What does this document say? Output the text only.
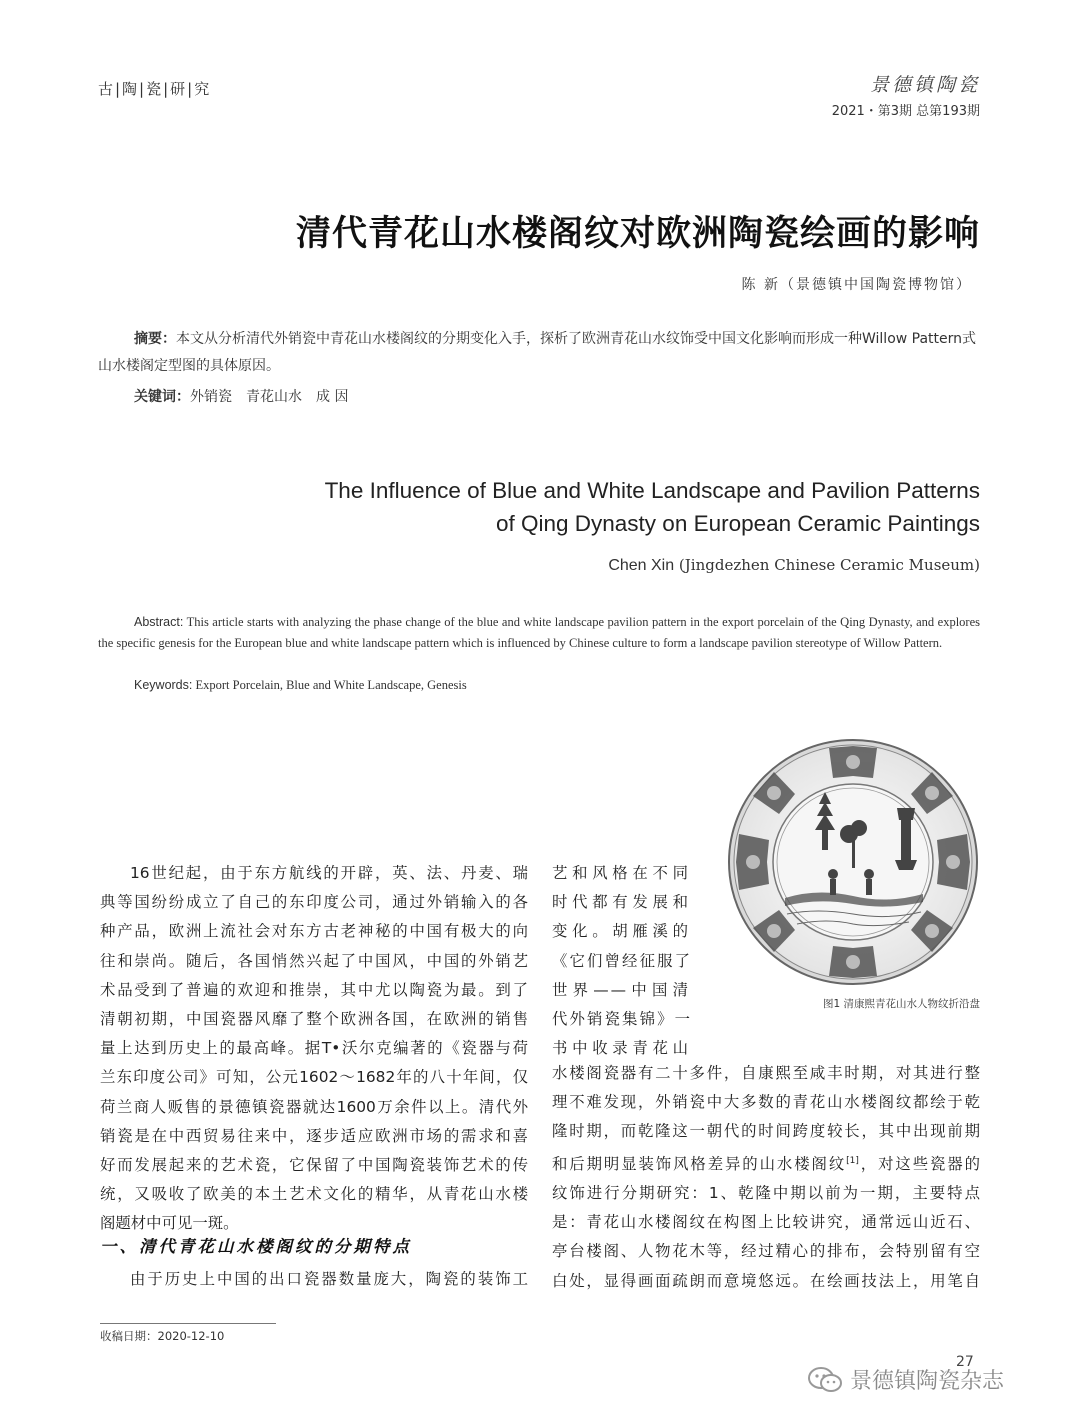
古|陶|瓷|研|究	景德镇陶瓷
2021・第3期 总第193期
清代青花山水楼阁纹对欧洲陶瓷绘画的影响
陈 新（景德镇中国陶瓷博物馆）
摘要：本文从分析清代外销瓷中青花山水楼阁纹的分期变化入手，探析了欧洲青花山水纹饰受中国文化影响而形成一种Willow Pattern式山水楼阁定型图的具体原因。
关键词：外销瓷 青花山水 成 因
The Influence of Blue and White Landscape and Pavilion Patterns
of Qing Dynasty on European Ceramic Paintings
Chen Xin (Jingdezhen Chinese Ceramic Museum)
Abstract: This article starts with analyzing the phase change of the blue and white landscape pavilion pattern in the export porcelain of the Qing Dynasty, and explores the specific genesis for the European blue and white landscape pattern which is influenced by Chinese culture to form a landscape pavilion stereotype of Willow Pattern.
Keywords: Export Porcelain, Blue and White Landscape, Genesis
图1 清康熙青花山水人物纹折沿盘

16世纪起，由于东方航线的开辟，英、法、丹麦、瑞

典等国纷纷成立了自己的东印度公司，通过外销输入的各

种产品，欧洲上流社会对东方古老神秘的中国有极大的向

往和崇尚。随后，各国悄然兴起了中国风，中国的外销艺

术品受到了普遍的欢迎和推崇，其中尤以陶瓷为最。到了

清朝初期，中国瓷器风靡了整个欧洲各国，在欧洲的销售

量上达到历史上的最高峰。据T•沃尔克编著的《瓷器与荷

兰东印度公司》可知，公元1602～1682年的八十年间，仅

荷兰商人贩售的景德镇瓷器就达1600万余件以上。清代外

销瓷是在中西贸易往来中，逐步适应欧洲市场的需求和喜

好而发展起来的艺术瓷，它保留了中国陶瓷装饰艺术的传

统，又吸收了欧美的本土艺术文化的精华，从青花山水楼

阁题材中可见一斑。

一、清代青花山水楼阁纹的分期特点

由于历史上中国的出口瓷器数量庞大，陶瓷的装饰工

艺和风格在不同

时代都有发展和

变化。胡雁溪的

《它们曾经征服了

世界——中国清

代外销瓷集锦》一

书中收录青花山

水楼阁瓷器有二十多件，自康熙至咸丰时期，对其进行整

理不难发现，外销瓷中大多数的青花山水楼阁纹都绘于乾

隆时期，而乾隆这一朝代的时间跨度较长，其中出现前期

和后期明显装饰风格差异的山水楼阁纹[1]，对这些瓷器的

纹饰进行分期研究：1、乾隆中期以前为一期，主要特点

是：青花山水楼阁纹在构图上比较讲究，通常远山近石、

亭台楼阁、人物花木等，经过精心的排布，会特别留有空

白处，显得画面疏朗而意境悠远。在绘画技法上，用笔自

收稿日期：2020-12-10
27
景德镇陶瓷杂志
